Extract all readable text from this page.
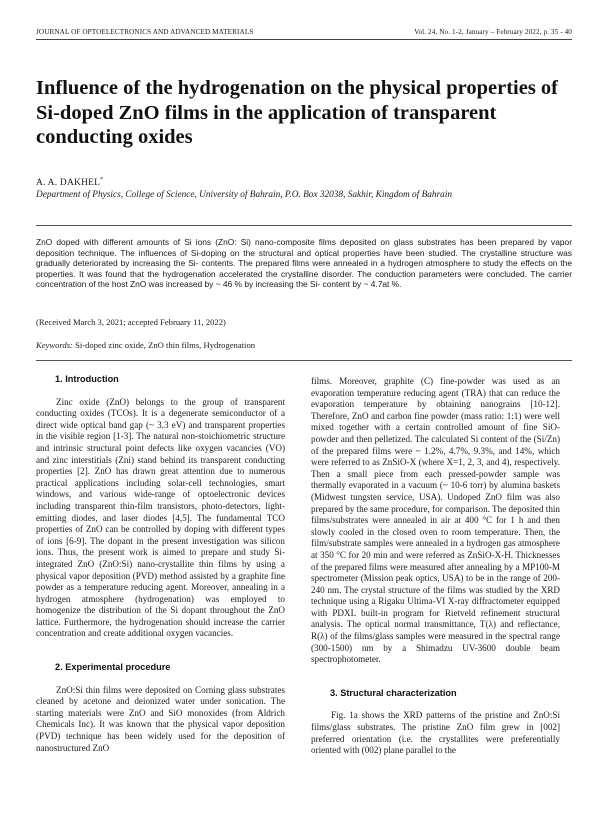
JOURNAL OF OPTOELECTRONICS AND ADVANCED MATERIALS	Vol. 24, No. 1-2, January – February 2022, p. 35 - 40
Influence of the hydrogenation on the physical properties of Si-doped ZnO films in the application of transparent conducting oxides
A. A. DAKHEL*
Department of Physics, College of Science, University of Bahrain, P.O. Box 32038, Sakhir, Kingdom of Bahrain

ZnO doped with different amounts of Si ions (ZnO: Si) nano-composite films deposited on glass substrates has been prepared by vapor deposition technique. The influences of Si-doping on the structural and optical properties have been studied. The crystalline structure was gradually deteriorated by increasing the Si- contents. The prepared films were annealed in a hydrogen atmosphere to study the effects on the properties. It was found that the hydrogenation accelerated the crystalline disorder. The conduction parameters were concluded. The carrier concentration of the host ZnO was increased by ~ 46 % by increasing the Si- content by ~ 4.7at %.

(Received March 3, 2021; accepted February 11, 2022)
Keywords: Si-doped zinc oxide, ZnO thin films, Hydrogenation
1. Introduction

Zinc oxide (ZnO) belongs to the group of transparent conducting oxides (TCOs). It is a degenerate semiconductor of a direct wide optical band gap (~ 3.3 eV) and transparent properties in the visible region [1-3]. The natural non-stoichiometric structure and intrinsic structural point defects like oxygen vacancies (VO) and zinc interstitials (Zni) stand behind its transparent conducting properties [2]. ZnO has drawn great attention due to numerous practical applications including solar-cell technologies, smart windows, and various wide-range of optoelectronic devices including transparent thin-film transistors, photo-detectors, light-emitting diodes, and laser diodes [4,5]. The fundamental TCO properties of ZnO can be controlled by doping with different types of ions [6-9]. The dopant in the present investigation was silicon ions. Thus, the present work is aimed to prepare and study Si-integrated ZnO (ZnO:Si) nano-crystallite thin films by using a physical vapor deposition (PVD) method assisted by a graphite fine powder as a temperature reducing agent. Moreover, annealing in a hydrogen atmosphere (hydrogenation) was employed to homogenize the distribution of the Si dopant throughout the ZnO lattice. Furthermore, the hydrogenation should increase the carrier concentration and create additional oxygen vacancies.

2. Experimental procedure

ZnO:Si thin films were deposited on Corning glass substrates cleaned by acetone and deionized water under sonication. The starting materials were ZnO and SiO monoxides (from Aldrich Chemicals Inc). It was known that the physical vapor deposition (PVD) technique has been widely used for the deposition of nanostructured ZnO

films. Moreover, graphite (C) fine-powder was used as an evaporation temperature reducing agent (TRA) that can reduce the evaporation temperature by obtaining nanograins [10-12]. Therefore, ZnO and carbon fine powder (mass ratio: 1:1) were well mixed together with a certain controlled amount of fine SiO-powder and then pelletized. The calculated Si content of the (Si/Zn) of the prepared films were ~ 1.2%, 4.7%, 9.3%, and 14%, which were referred to as ZnSiO-X (where X=1, 2, 3, and 4), respectively. Then a small piece from each pressed-powder sample was thermally evaporated in a vacuum (~ 10-6 torr) by alumina baskets (Midwest tungsten service, USA). Undoped ZnO film was also prepared by the same procedure, for comparison. The deposited thin films/substrates were annealed in air at 400 °C for 1 h and then slowly cooled in the closed oven to room temperature. Then, the film/substrate samples were annealed in a hydrogen gas atmosphere at 350 °C for 20 min and were referred as ZnSiO-X-H. Thicknesses of the prepared films were measured after annealing by a MP100-M spectrometer (Mission peak optics, USA) to be in the range of 200-240 nm. The crystal structure of the films was studied by the XRD technique using a Rigaku Ultima-VI X-ray diffractometer equipped with PDXL built-in program for Rietveld refinement structural analysis. The optical normal transmittance, T(λ) and reflectance, R(λ) of the films/glass samples were measured in the spectral range (300-1500) nm by a Shimadzu UV-3600 double beam spectrophotometer.

3. Structural characterization

Fig. 1a shows the XRD patterns of the pristine and ZnO:Si films/glass substrates. The pristine ZnO film grew in [002] preferred orientation (i.e. the crystallites were preferentially oriented with (002) plane parallel to the
